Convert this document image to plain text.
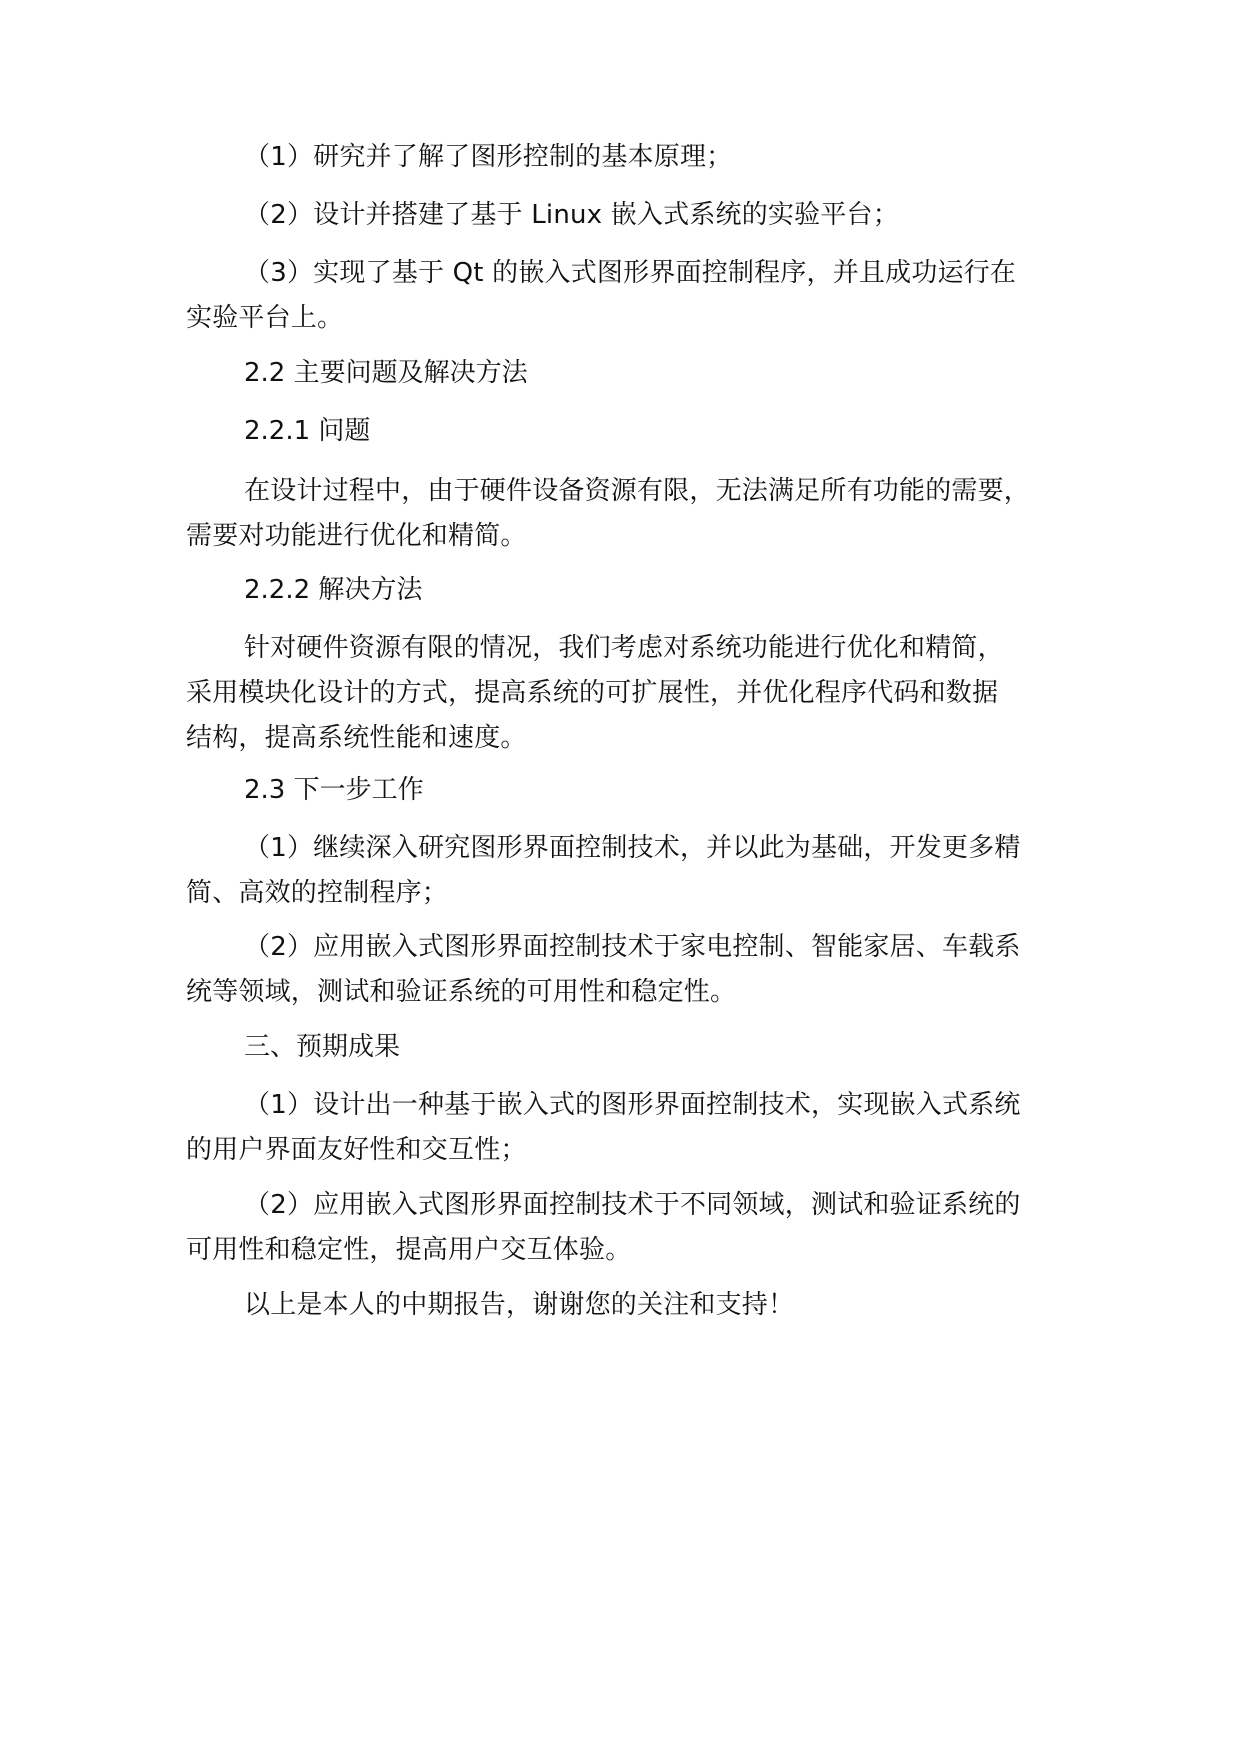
（1）研究并了解了图形控制的基本原理；

（2）设计并搭建了基于 Linux 嵌入式系统的实验平台；

（3）实现了基于 Qt 的嵌入式图形界面控制程序，并且成功运行在
实验平台上。

2.2 主要问题及解决方法

2.2.1 问题

在设计过程中，由于硬件设备资源有限，无法满足所有功能的需要，
需要对功能进行优化和精简。

2.2.2 解决方法

针对硬件资源有限的情况，我们考虑对系统功能进行优化和精简，
采用模块化设计的方式，提高系统的可扩展性，并优化程序代码和数据
结构，提高系统性能和速度。

2.3 下一步工作

（1）继续深入研究图形界面控制技术，并以此为基础，开发更多精
简、高效的控制程序；

（2）应用嵌入式图形界面控制技术于家电控制、智能家居、车载系
统等领域，测试和验证系统的可用性和稳定性。

三、预期成果

（1）设计出一种基于嵌入式的图形界面控制技术，实现嵌入式系统
的用户界面友好性和交互性；

（2）应用嵌入式图形界面控制技术于不同领域，测试和验证系统的
可用性和稳定性，提高用户交互体验。

以上是本人的中期报告，谢谢您的关注和支持！
